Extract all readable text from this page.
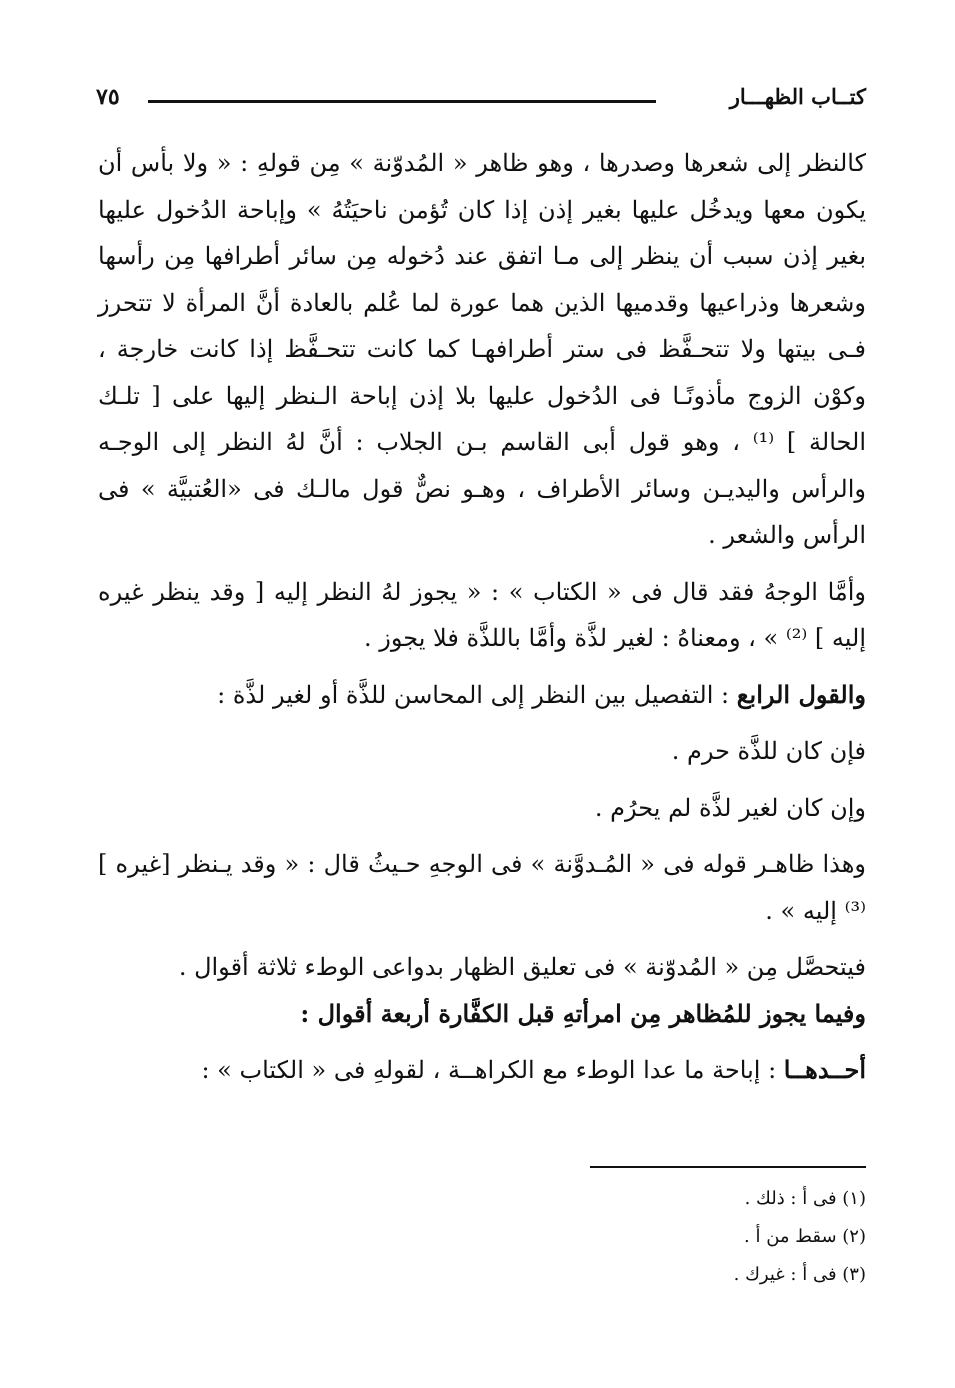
٧٥	كتــاب الظهـــار

كالنظر إلى شعرها وصدرها ، وهو ظاهر « المُدوّنة » مِن قولهِ : « ولا بأس أن يكون معها ويدخُل عليها بغير إذن إذا كان تُؤمن ناحيَتُهُ » وإباحة الدُخول عليها بغير إذن سبب أن ينظر إلى مـا اتفق عند دُخوله مِن سائر أطرافها مِن رأسها وشعرها وذراعيها وقدميها الذين هما عورة لما عُلم بالعادة أنَّ المرأة لا تتحرز فـى بيتها ولا تتحـفَّظ فى ستر أطرافهـا كما كانت تتحـفَّظ إذا كانت خارجة ، وكوْن الزوج مأذونًـا فى الدُخول عليها بلا إذن إباحة الـنظر إليها على [ تلـك الحالة ] ⁽¹⁾ ، وهو قول أبى القاسم بـن الجلاب : أنَّ لهُ النظر إلى الوجـه والرأس واليديـن وسائر الأطراف ، وهـو نصٌّ قول مالـك فى «العُتبيَّة » فى الرأس والشعر .

وأمَّا الوجهُ فقد قال فى « الكتاب » : « يجوز لهُ النظر إليه [ وقد ينظر غيره إليه ] ⁽²⁾ » ، ومعناهُ : لغير لذَّة وأمَّا باللذَّة فلا يجوز .

والقول الرابع : التفصيل بين النظر إلى المحاسن للذَّة أو لغير لذَّة :

فإن كان للذَّة حرم .

وإن كان لغير لذَّة لم يحرُم .

وهذا ظاهـر قوله فى « المُـدوَّنة » فى الوجهِ حـيثُ قال : « وقد يـنظر [غيره ] ⁽³⁾ إليه » .

فيتحصَّل مِن « المُدوّنة » فى تعليق الظهار بدواعى الوطء ثلاثة أقوال .

وفيما يجوز للمُظاهر مِن امرأتهِ قبل الكفَّارة أربعة أقوال :

أحــدهــا : إباحة ما عدا الوطء مع الكراهــة ، لقولهِ فى « الكتاب » :

(١) فى أ : ذلك .

(٢) سقط من أ .

(٣) فى أ : غيرك .
